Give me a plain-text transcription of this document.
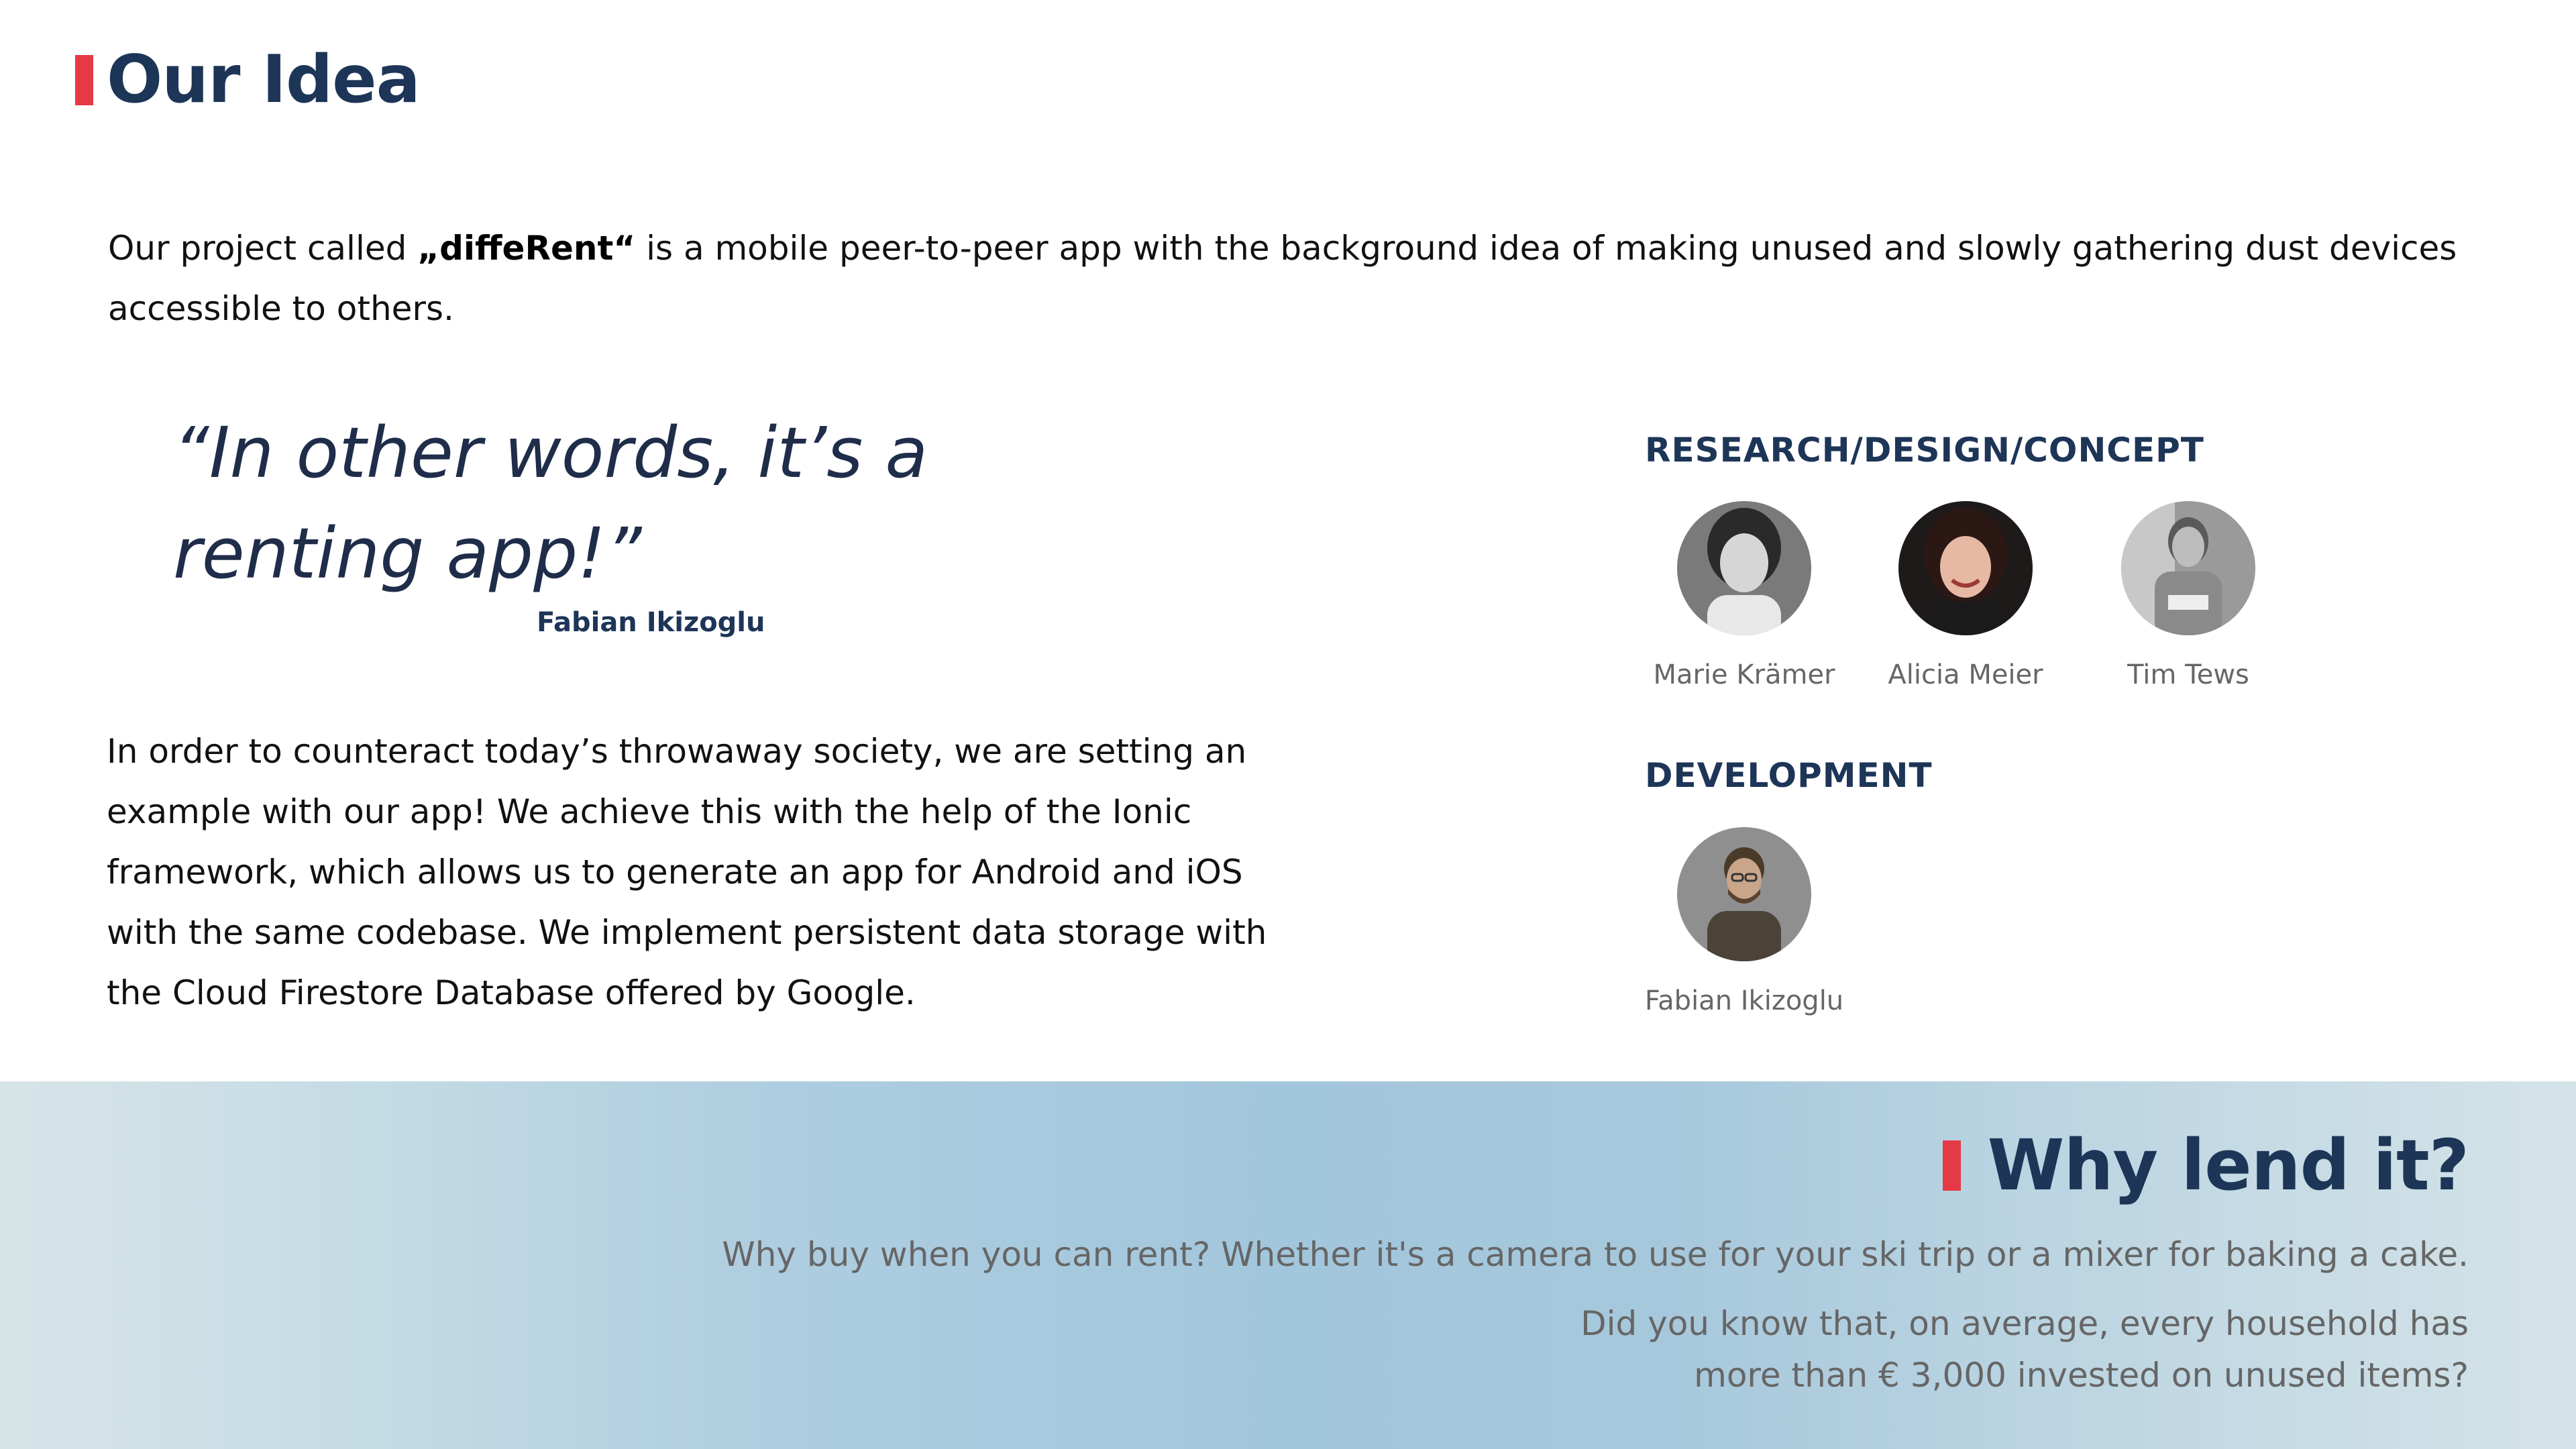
Our Idea
Our project called „diffeRent“ is a mobile peer-to-peer app with the background idea of making unused and slowly gathering dust devices accessible to others.
“In other words, it’s a renting app!”
Fabian Ikizoglu
In order to counteract today’s throwaway society, we are setting an example with our app! We achieve this with the help of the Ionic framework, which allows us to generate an app for Android and iOS with the same codebase. We implement persistent data storage with the Cloud Firestore Database offered by Google.
RESEARCH/DESIGN/CONCEPT
Marie Krämer	Alicia Meier	Tim Tews
DEVELOPMENT
Fabian Ikizoglu
Why lend it?
Why buy when you can rent? Whether it's a camera to use for your ski trip or a mixer for baking a cake.
Did you know that, on average, every household has
more than € 3,000 invested on unused items?
